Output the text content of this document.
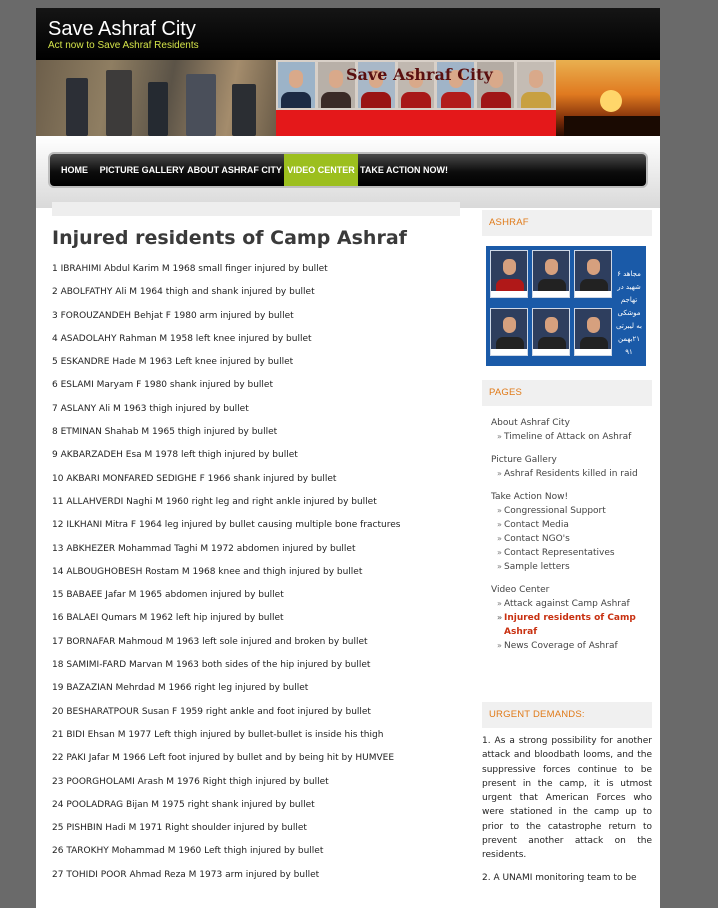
Save Ashraf City
Act now to Save Ashraf Residents
Save Ashraf City
HOME	PICTURE GALLERY ABOUT ASHRAF CITY VIDEO CENTER TAKE ACTION NOW!
Injured residents of Camp Ashraf
1 IBRAHIMI Abdul Karim M 1968 small finger injured by bullet
2 ABOLFATHY Ali M 1964 thigh and shank injured by bullet
3 FOROUZANDEH Behjat F 1980 arm injured by bullet
4 ASADOLAHY Rahman M 1958 left knee injured by bullet
5 ESKANDRE Hade M 1963 Left knee injured by bullet
6 ESLAMI Maryam F 1980 shank injured by bullet
7 ASLANY Ali M 1963 thigh injured by bullet
8 ETMINAN Shahab M 1965 thigh injured by bullet
9 AKBARZADEH Esa M 1978 left thigh injured by bullet
10 AKBARI MONFARED SEDIGHE F 1966 shank injured by bullet
11 ALLAHVERDI Naghi M 1960 right leg and right ankle injured by bullet
12 ILKHANI Mitra F 1964 leg injured by bullet causing multiple bone fractures
13 ABKHEZER Mohammad Taghi M 1972 abdomen injured by bullet
14 ALBOUGHOBESH Rostam M 1968 knee and thigh injured by bullet
15 BABAEE Jafar M 1965 abdomen injured by bullet
16 BALAEI Qumars M 1962 left hip injured by bullet
17 BORNAFAR Mahmoud M 1963 left sole injured and broken by bullet
18 SAMIMI-FARD Marvan M 1963 both sides of the hip injured by bullet
19 BAZAZIAN Mehrdad M 1966 right leg injured by bullet
20 BESHARATPOUR Susan F 1959 right ankle and foot injured by bullet
21 BIDI Ehsan M 1977 Left thigh injured by bullet-bullet is inside his thigh
22 PAKI Jafar M 1966 Left foot injured by bullet and by being hit by HUMVEE
23 POORGHOLAMI Arash M 1976 Right thigh injured by bullet
24 POOLADRAG Bijan M 1975 right shank injured by bullet
25 PISHBIN Hadi M 1971 Right shoulder injured by bullet
26 TAROKHY Mohammad M 1960 Left thigh injured by bullet
27 TOHIDI POOR Ahmad Reza M 1973 arm injured by bullet
ASHRAF
۶ مجاهد شهید در تهاجم موشکی به لیبرتی ۲۱بهمن ۹۱
PAGES
About Ashraf City
» Timeline of Attack on Ashraf
Picture Gallery
» Ashraf Residents killed in raid
Take Action Now!
» Congressional Support
» Contact Media
» Contact NGO's
» Contact Representatives
» Sample letters
Video Center
» Attack against Camp Ashraf
» Injured residents of Camp Ashraf
» News Coverage of Ashraf
URGENT DEMANDS:

1. As a strong possibility for another attack and bloodbath looms, and the suppressive forces continue to be present in the camp, it is utmost urgent that American Forces who were stationed in the camp up to prior to the catastrophe return to prevent another attack on the residents.

2. A UNAMI monitoring team to be
